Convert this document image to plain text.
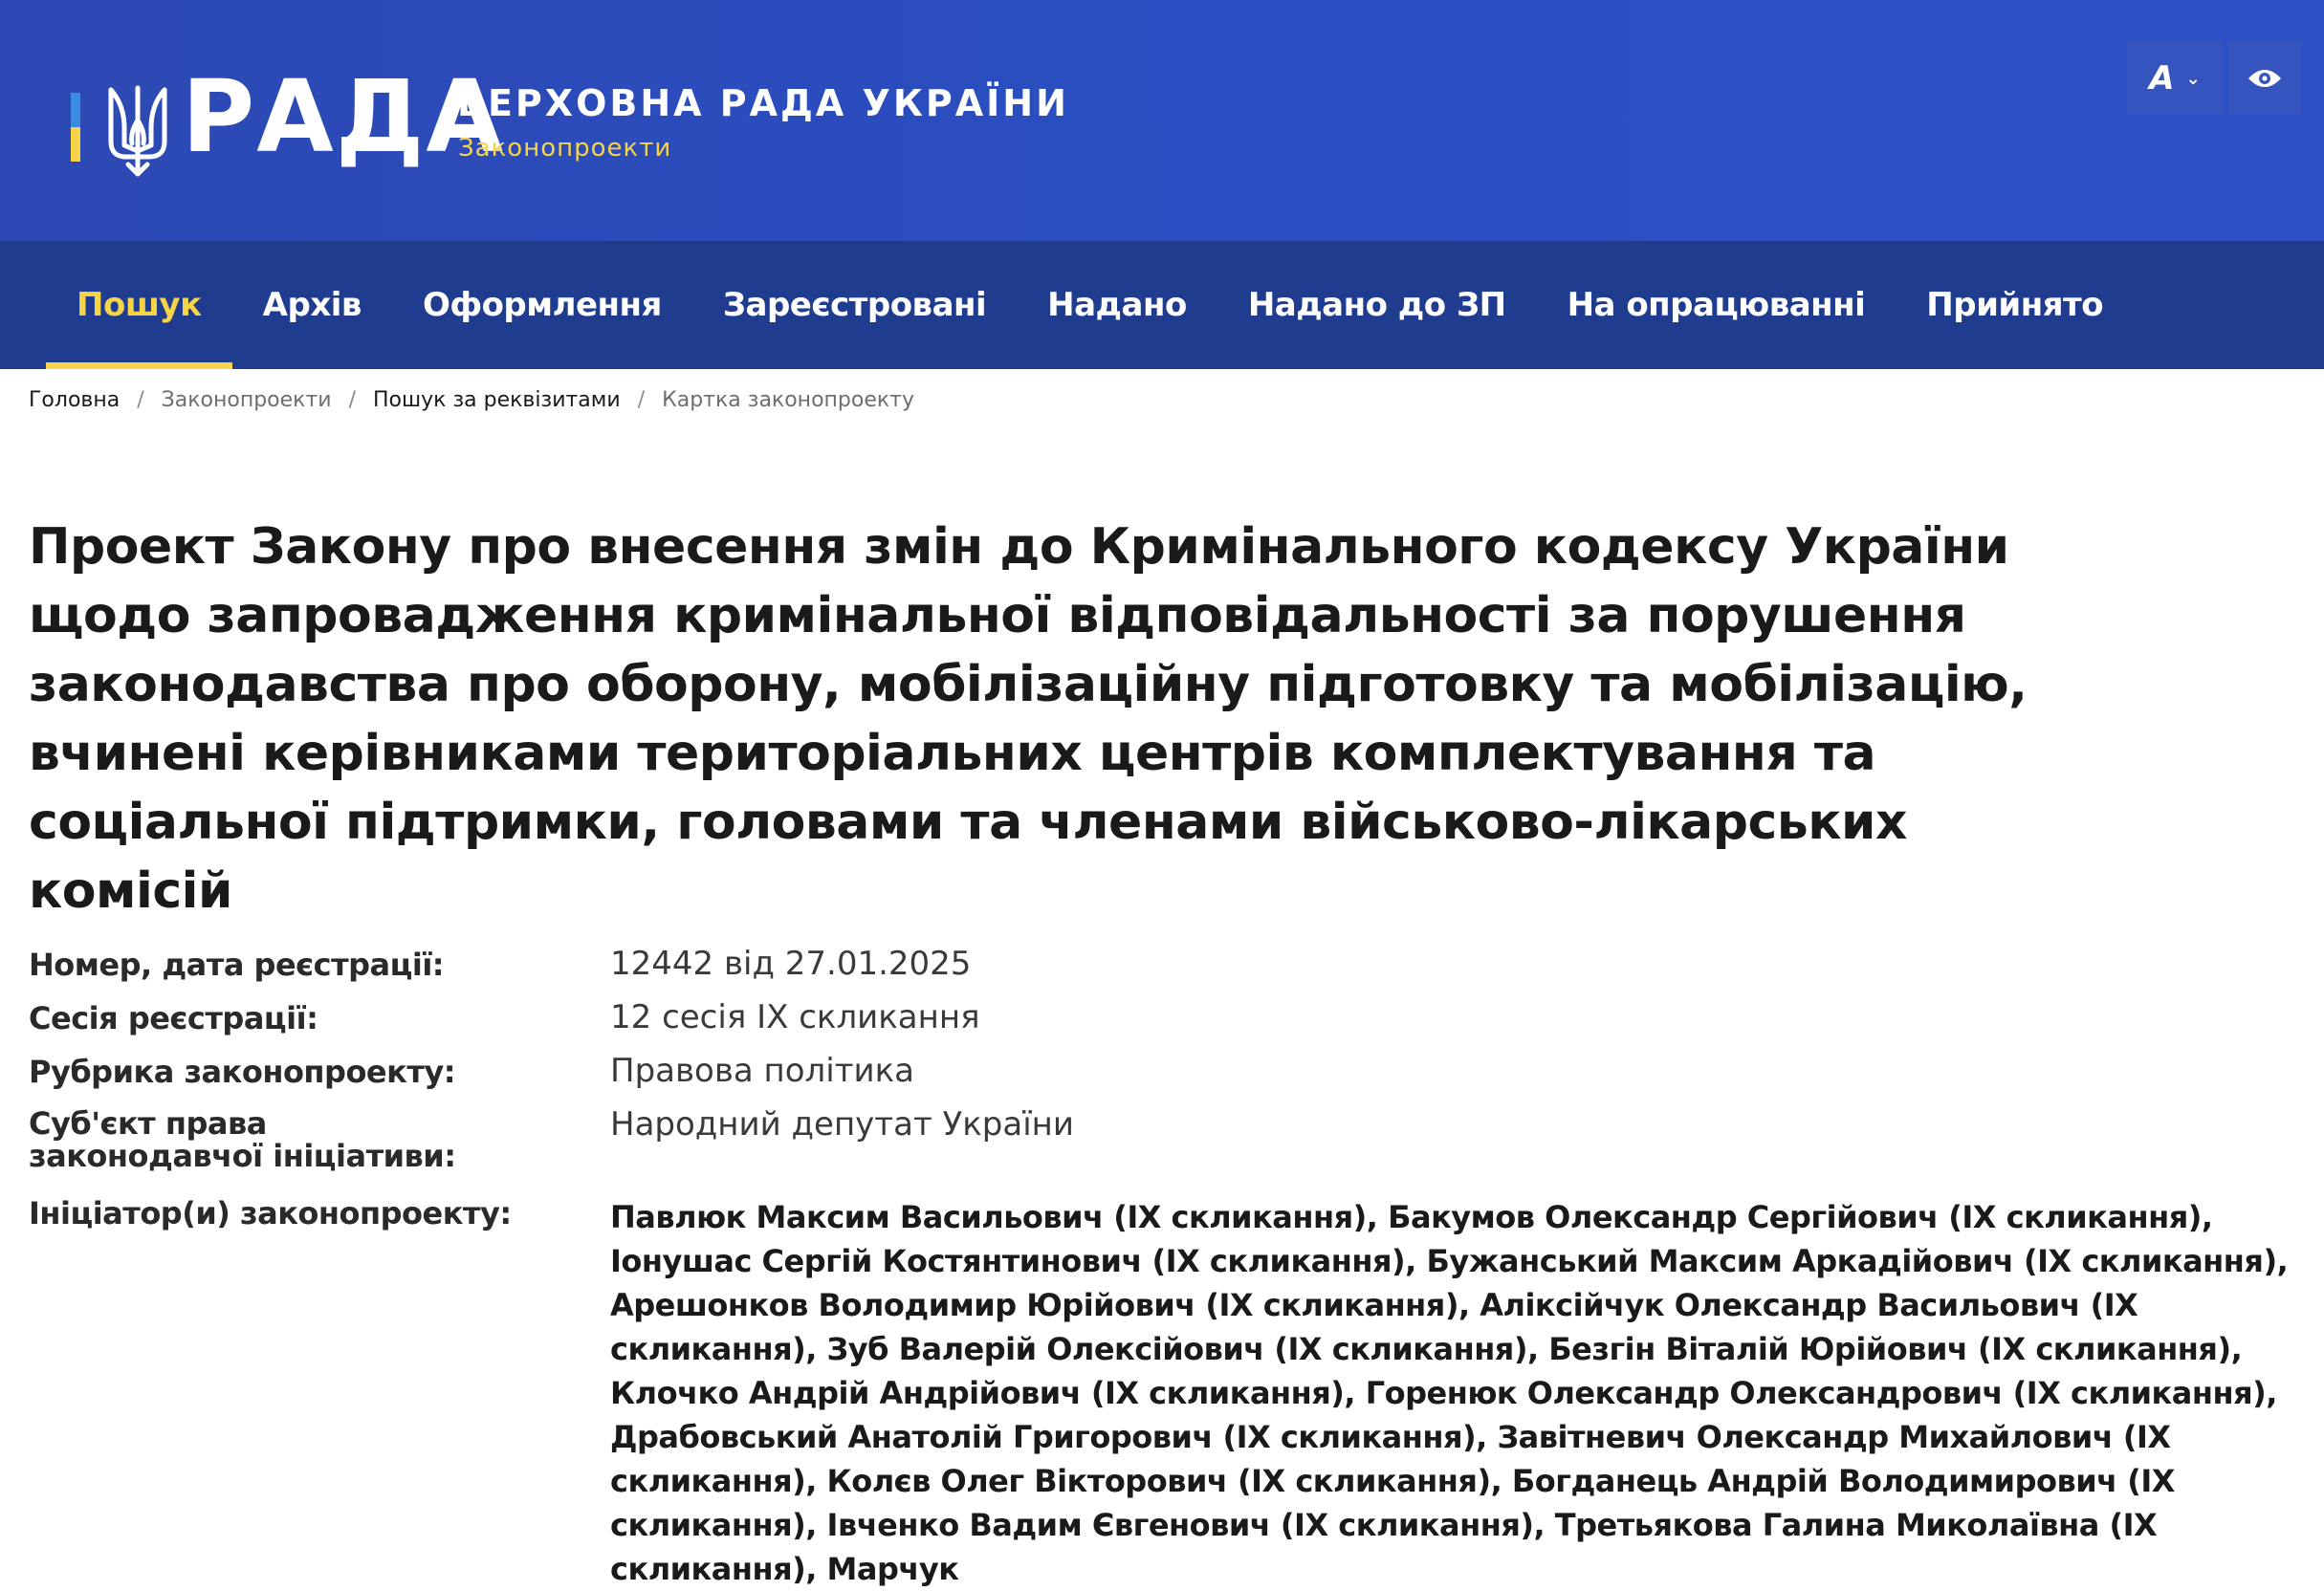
РАДА
ВЕРХОВНА РАДА УКРАЇНИ
Законопроекти
A ⌄
Пошук	Архів	Оформлення	Зареєстровані	Надано	Надано до ЗП	На опрацюванні	Прийнято
Головна / Законопроекти / Пошук за реквізитами / Картка законопроекту
Проект Закону про внесення змін до Кримінального кодексу України щодо запровадження кримінальної відповідальності за порушення законодавства про оборону, мобілізаційну підготовку та мобілізацію, вчинені керівниками територіальних центрів комплектування та соціальної підтримки, головами та членами військово-лікарських комісій
Номер, дата реєстрації:	12442 від 27.01.2025
Сесія реєстрації:	12 сесія IX скликання
Рубрика законопроекту:	Правова політика
Суб'єкт права законодавчої ініціативи:
Народний депутат України
Ініціатор(и) законопроекту:	Павлюк Максим Васильович (IX скликання), Бакумов Олександр Сергійович (IX скликання), Іонушас Сергій Костянтинович (IX скликання), Бужанський Максим Аркадійович (IX скликання), Арешонков Володимир Юрійович (IX скликання), Аліксійчук Олександр Васильович (IX скликання), Зуб Валерій Олексійович (IX скликання), Безгін Віталій Юрійович (IX скликання), Клочко Андрій Андрійович (IX скликання), Горенюк Олександр Олександрович (IX скликання), Драбовський Анатолій Григорович (IX скликання), Завітневич Олександр Михайлович (IX скликання), Колєв Олег Вікторович (IX скликання), Богданець Андрій Володимирович (IX скликання), Івченко Вадим Євгенович (IX скликання), Третьякова Галина Миколаївна (IX скликання), Марчук
